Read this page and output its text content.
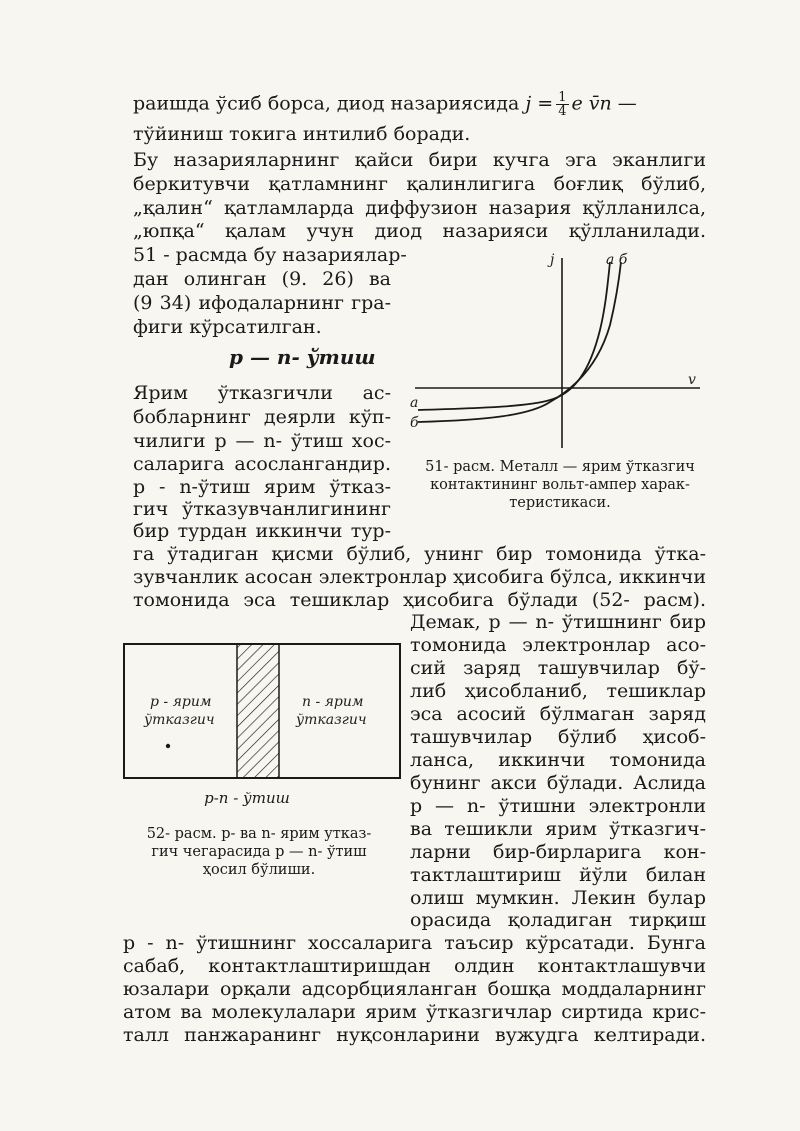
раишда ўсиб борса, диод назариясида $j = \frac{1}{4}$ e v̄n —
тўйиниш токига интилиб боради.
Бу назарияларнинг қайси бири кучга эга эканлиги
беркитувчи қатламнинг қалинлигига боғлиқ бўлиб,
„қалин“ қатламларда диффузион назария қўлланилса,
„юпқа“ қалам учун диод назарияси қўлланилади.
51 - расмда бу назариялар-
дан олинган (9. 26) ва
(9 34) ифодаларнинг гра-
фиги кўрсатилган.
p — n- ўтиш
Ярим ўтказгичли ас-
бобларнинг деярли кўп-
чилиги p — n- ўтиш хос-
саларига асослангандир.
p - n-ўтиш ярим ўтказ-
гич ўтказувчанлигининг
бир турдан иккинчи тур-
га ўтадиган қисми бўлиб, унинг бир томонида ўтка-
зувчанлик асосан электронлар ҳисобига бўлса, иккинчи
томонида эса тешиклар ҳисобига бўлади (52- расм).
Демак, p — n- ўтишнинг бир
томонида электронлар асо-
сий заряд ташувчилар бў-
либ ҳисобланиб, тешиклар
эса асосий бўлмаган заряд
ташувчилар бўлиб ҳисоб-
ланса, иккинчи томонида
бунинг акси бўлади. Аслида
p — n- ўтишни электронли
ва тешикли ярим ўтказгич-
ларни бир-бирларига кон-
тактлаштириш йўли билан
олиш мумкин. Лекин булар
орасида қоладиган тирқиш
p - n- ўтишнинг хоссаларига таъсир кўрсатади. Бунга
сабаб, контактлаштиришдан олдин контактлашувчи
юзалари орқали адсорбцияланган бошқа моддаларнинг
атом ва молекулалари ярим ўтказгичлар сиртида крис-
талл панжаранинг нуқсонларини вужудга келтиради.
j
v
a б
a
б
51- расм. Металл — ярим ўтказгич
контактининг вольт-ампер харак-
теристикаси.
p - ярим
ўтказгич
n - ярим
ўтказгич
p-n - ўтиш
52- расм. p- ва n- ярим утказ-
гич чегарасида p — n- ўтиш
ҳосил бўлиши.
